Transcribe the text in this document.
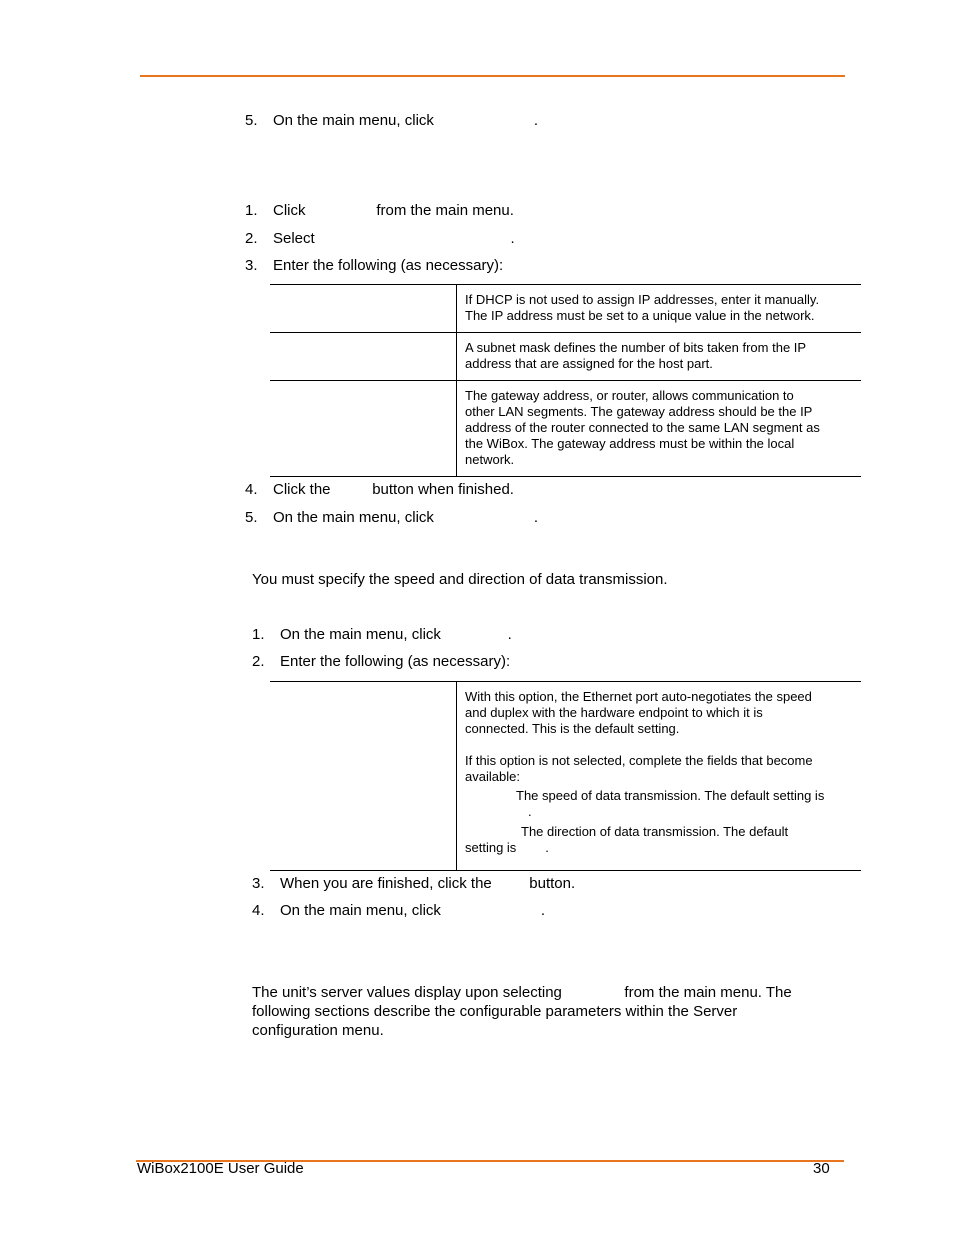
5. On the main menu, click                        .
1. Click                 from the main menu.
2. Select                                               .
3. Enter the following (as necessary):

	If DHCP is not used to assign IP addresses, enter it manually.
The IP address must be set to a unique value in the network.

	A subnet mask defines the number of bits taken from the IP
address that are assigned for the host part.

	The gateway address, or router, allows communication to
other LAN segments. The gateway address should be the IP
address of the router connected to the same LAN segment as
the WiBox. The gateway address must be within the local
network.
4. Click the          button when finished.
5. On the main menu, click                        .
You must specify the speed and direction of data transmission.
1. On the main menu, click                .
2. Enter the following (as necessary):

With this option, the Ethernet port auto-negotiates the speed
and duplex with the hardware endpoint to which it is
connected. This is the default setting.
If this option is not selected, complete the fields that become
available:
The speed of data transmission. The default setting is
.
The direction of data transmission. The default
setting is        .
3. When you are finished, click the         button.
4. On the main menu, click                        .
The unit’s server values display upon selecting               from the main menu. The
following sections describe the configurable parameters within the Server
configuration menu.
WiBox2100E User Guide	30
